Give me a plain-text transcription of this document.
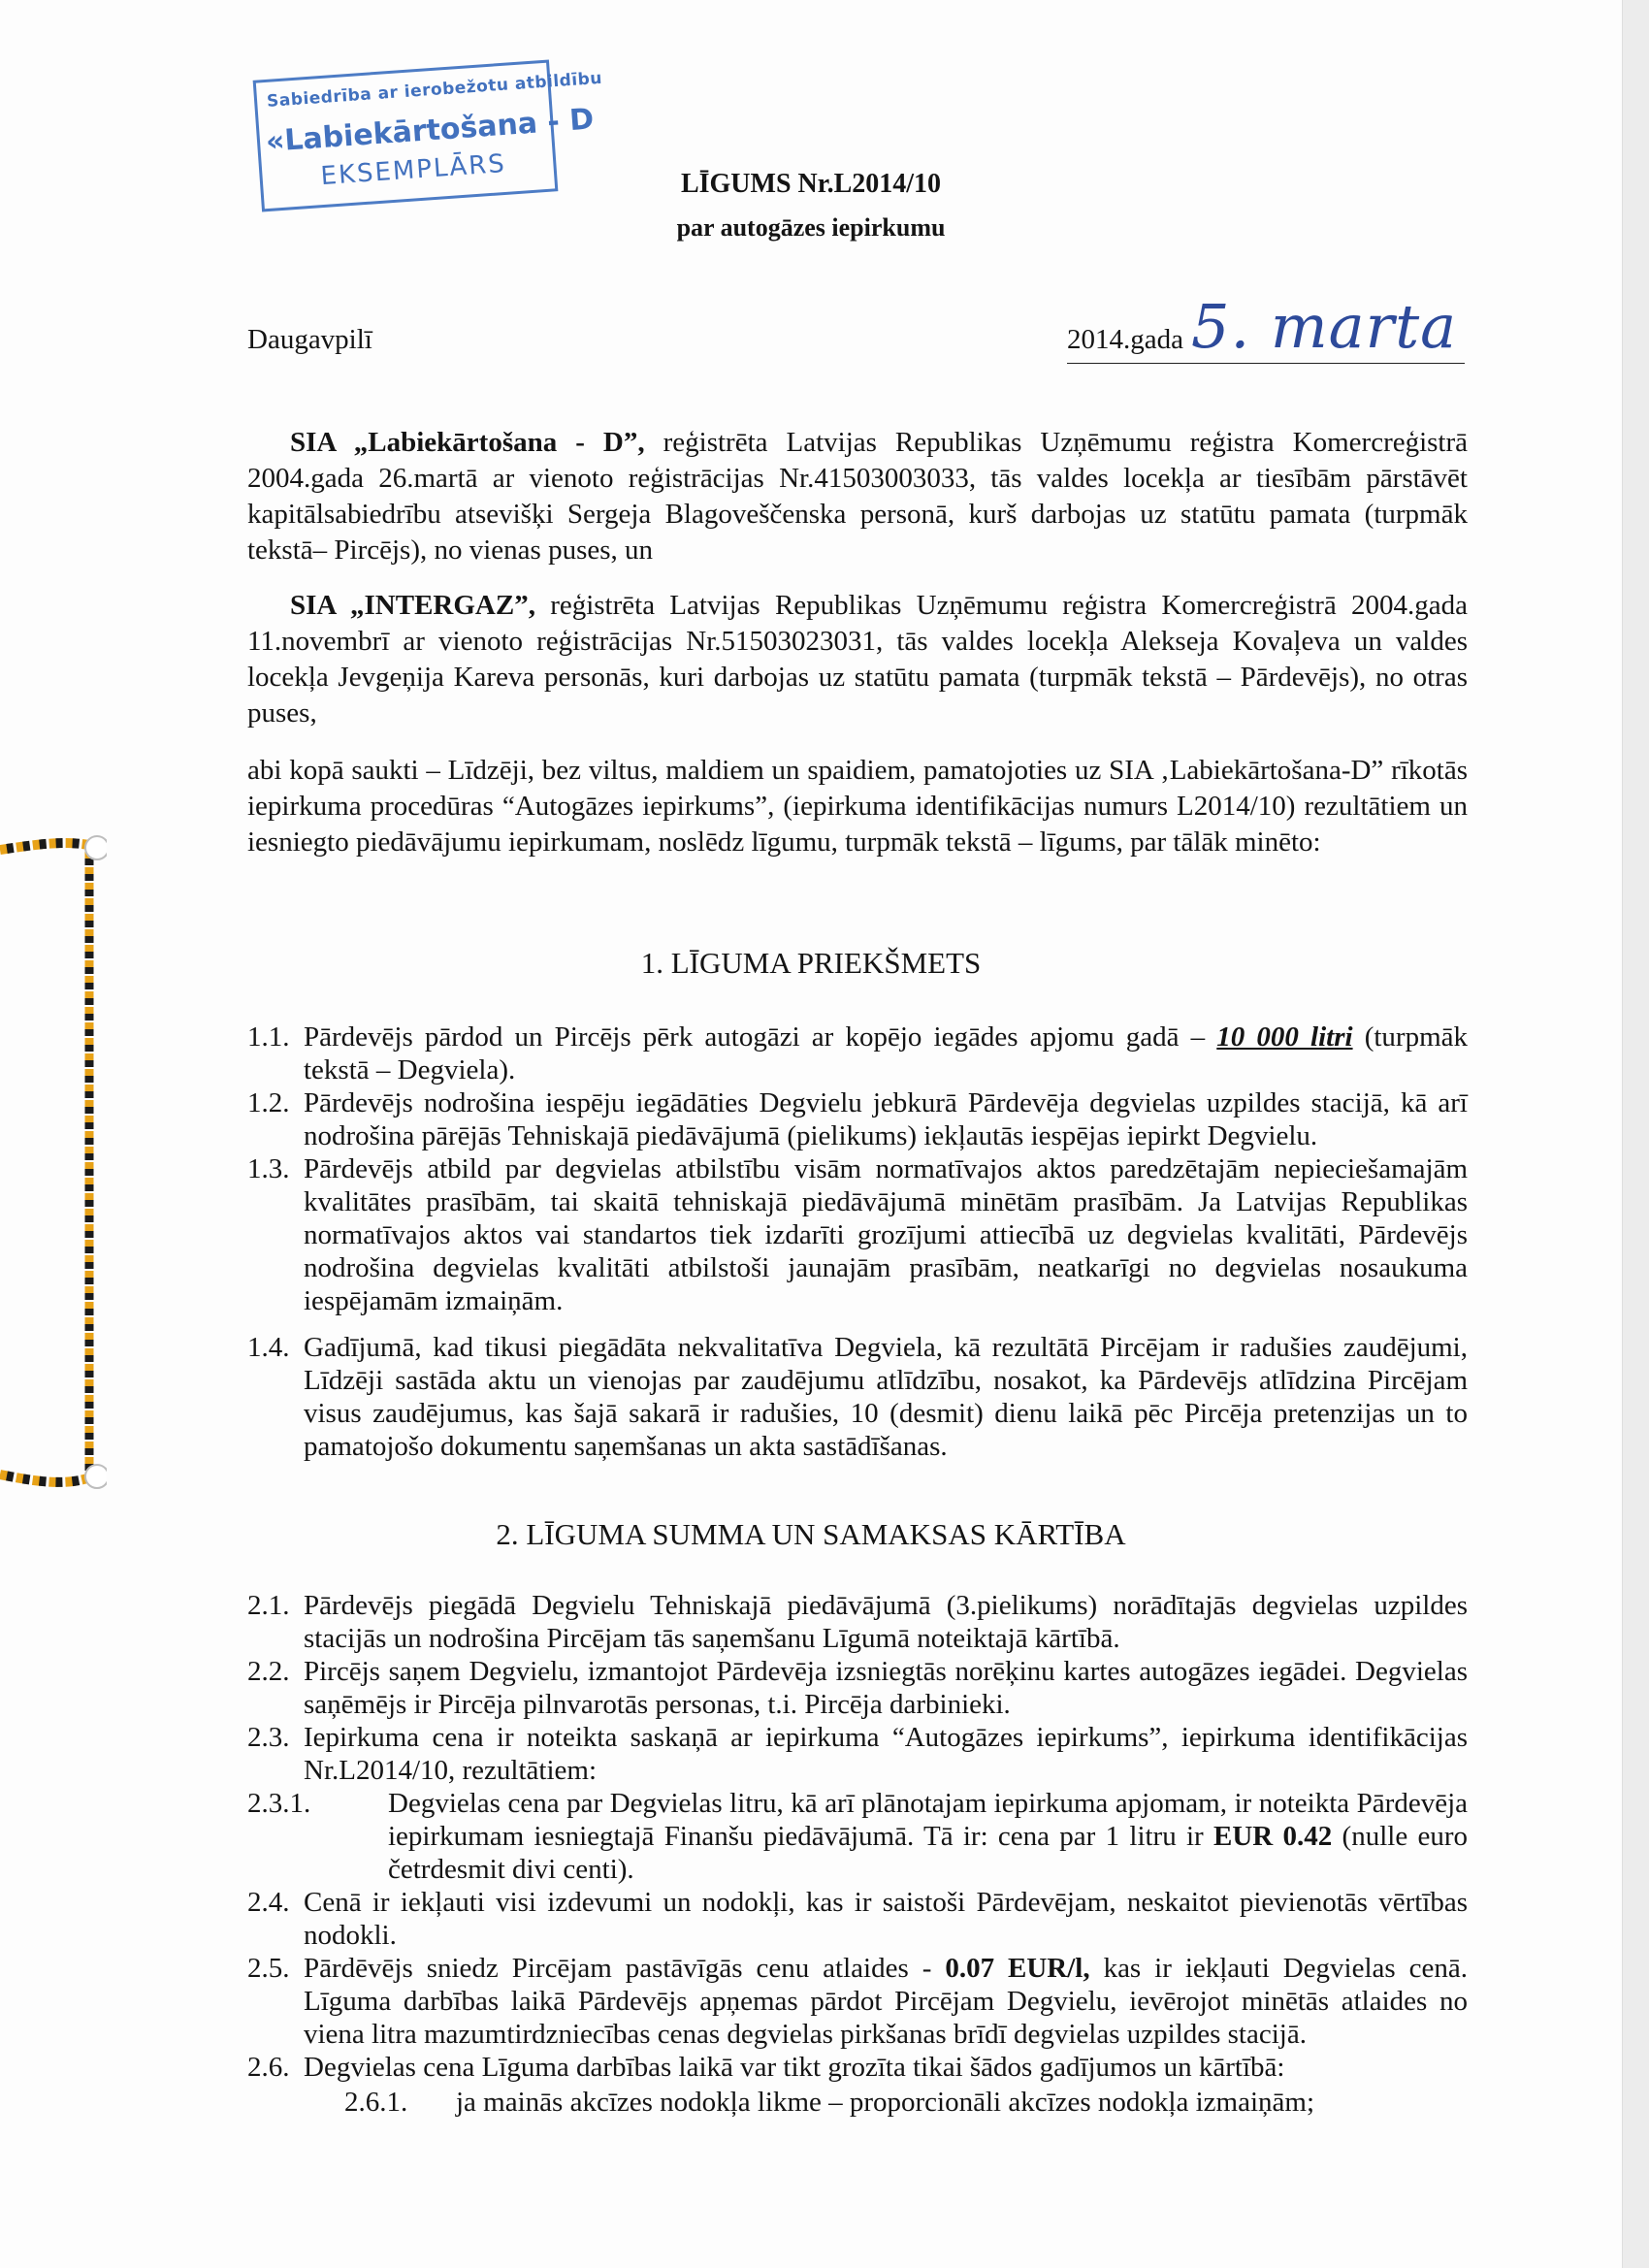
Sabiedrība ar ierobežotu atbildību
«Labiekārtošana - D
EKSEMPLĀRS	LĪGUMS Nr.L2014/10
par autogāzes iepirkumu
Daugavpilī	2014.gada 5. marta
SIA „Labiekārtošana - D”, reģistrēta Latvijas Republikas Uzņēmumu reģistra Komercreģistrā 2004.gada 26.martā ar vienoto reģistrācijas Nr.41503003033, tās valdes locekļa ar tiesībām pārstāvēt kapitālsabiedrību atsevišķi Sergeja Blagoveščenska personā, kurš darbojas uz statūtu pamata (turpmāk tekstā– Pircējs), no vienas puses, un
SIA „INTERGAZ”, reģistrēta Latvijas Republikas Uzņēmumu reģistra Komercreģistrā 2004.gada 11.novembrī ar vienoto reģistrācijas Nr.51503023031, tās valdes locekļa Alekseja Kovaļeva un valdes locekļa Jevgeņija Kareva personās, kuri darbojas uz statūtu pamata (turpmāk tekstā – Pārdevējs), no otras puses,
abi kopā saukti – Līdzēji, bez viltus, maldiem un spaidiem, pamatojoties uz SIA ‚Labiekārtošana-D” rīkotās iepirkuma procedūras “Autogāzes iepirkums”, (iepirkuma identifikācijas numurs L2014/10) rezultātiem un iesniegto piedāvājumu iepirkumam, noslēdz līgumu, turpmāk tekstā – līgums, par tālāk minēto:
1. LĪGUMA PRIEKŠMETS
1.1. Pārdevējs pārdod un Pircējs pērk autogāzi ar kopējo iegādes apjomu gadā – 10 000 litri (turpmāk tekstā – Degviela).
1.2. Pārdevējs nodrošina iespēju iegādāties Degvielu jebkurā Pārdevēja degvielas uzpildes stacijā, kā arī nodrošina pārējās Tehniskajā piedāvājumā (pielikums) iekļautās iespējas iepirkt Degvielu.
1.3. Pārdevējs atbild par degvielas atbilstību visām normatīvajos aktos paredzētajām nepieciešamajām kvalitātes prasībām, tai skaitā tehniskajā piedāvājumā minētām prasībām. Ja Latvijas Republikas normatīvajos aktos vai standartos tiek izdarīti grozījumi attiecībā uz degvielas kvalitāti, Pārdevējs nodrošina degvielas kvalitāti atbilstoši jaunajām prasībām, neatkarīgi no degvielas nosaukuma iespējamām izmaiņām.
1.4. Gadījumā, kad tikusi piegādāta nekvalitatīva Degviela, kā rezultātā Pircējam ir radušies zaudējumi, Līdzēji sastāda aktu un vienojas par zaudējumu atlīdzību, nosakot, ka Pārdevējs atlīdzina Pircējam visus zaudējumus, kas šajā sakarā ir radušies, 10 (desmit) dienu laikā pēc Pircēja pretenzijas un to pamatojošo dokumentu saņemšanas un akta sastādīšanas.
2. LĪGUMA SUMMA UN SAMAKSAS KĀRTĪBA
2.1. Pārdevējs piegādā Degvielu Tehniskajā piedāvājumā (3.pielikums) norādītajās degvielas uzpildes stacijās un nodrošina Pircējam tās saņemšanu Līgumā noteiktajā kārtībā.
2.2. Pircējs saņem Degvielu, izmantojot Pārdevēja izsniegtās norēķinu kartes autogāzes iegādei. Degvielas saņēmējs ir Pircēja pilnvarotās personas, t.i. Pircēja darbinieki.
2.3. Iepirkuma cena ir noteikta saskaņā ar iepirkuma “Autogāzes iepirkums”, iepirkuma identifikācijas Nr.L2014/10, rezultātiem:
2.3.1.	Degvielas cena par Degvielas litru, kā arī plānotajam iepirkuma apjomam, ir noteikta Pārdevēja iepirkumam iesniegtajā Finanšu piedāvājumā. Tā ir: cena par 1 litru ir EUR 0.42 (nulle euro četrdesmit divi centi).
2.4. Cenā ir iekļauti visi izdevumi un nodokļi, kas ir saistoši Pārdevējam, neskaitot pievienotās vērtības nodokli.
2.5. Pārdēvējs sniedz Pircējam pastāvīgās cenu atlaides - 0.07 EUR/l, kas ir iekļauti Degvielas cenā. Līguma darbības laikā Pārdevējs apņemas pārdot Pircējam Degvielu, ievērojot minētās atlaides no viena litra mazumtirdzniecības cenas degvielas pirkšanas brīdī degvielas uzpildes stacijā.
2.6. Degvielas cena Līguma darbības laikā var tikt grozīta tikai šādos gadījumos un kārtībā:
2.6.1. ja mainās akcīzes nodokļa likme – proporcionāli akcīzes nodokļa izmaiņām;
